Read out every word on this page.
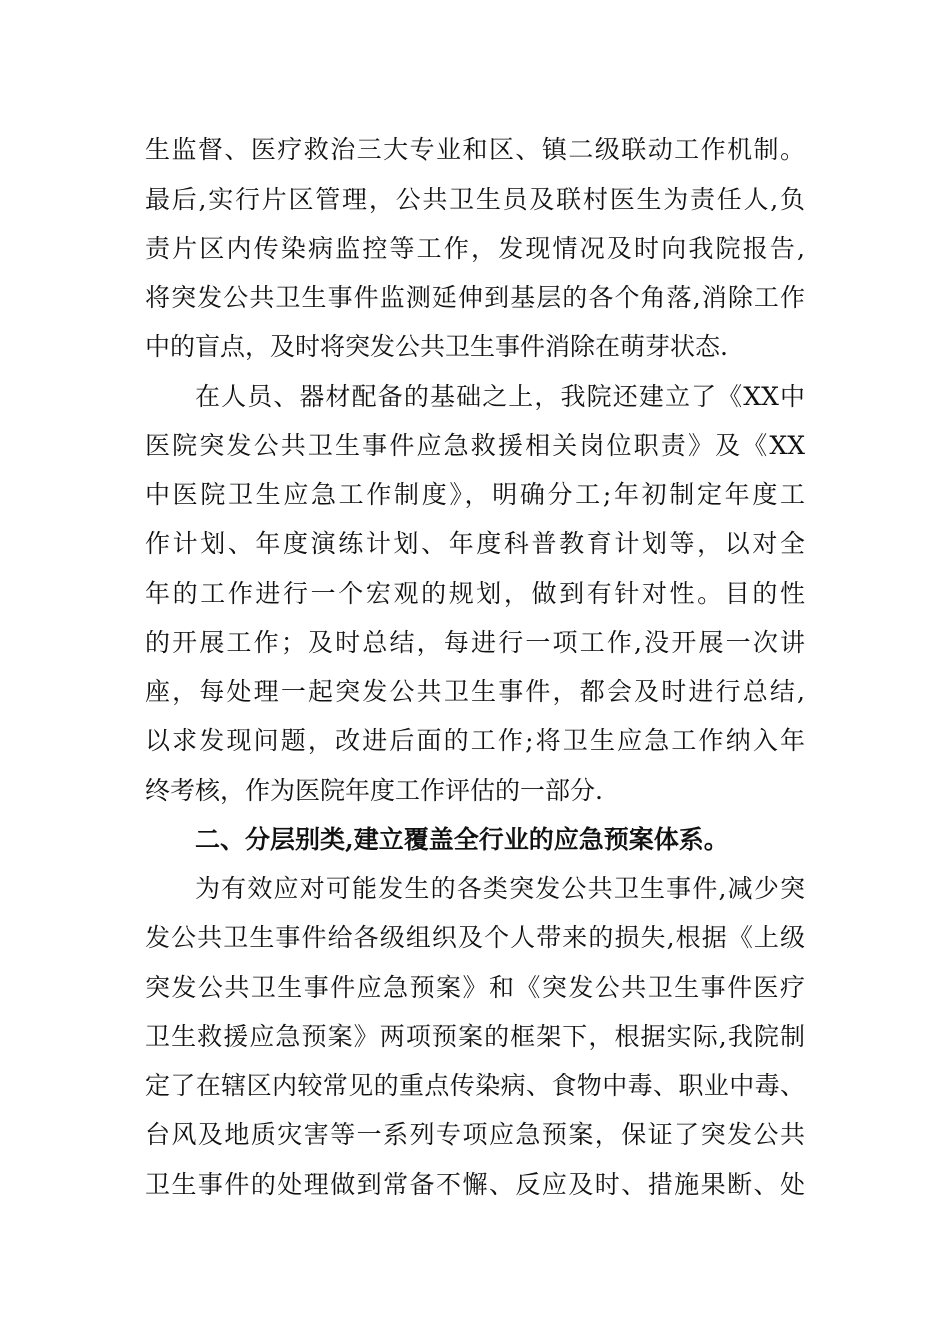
生监督、医疗救治三大专业和区、镇二级联动工作机制。
最后,实行片区管理，公共卫生员及联村医生为责任人,负
责片区内传染病监控等工作，发现情况及时向我院报告,
将突发公共卫生事件监测延伸到基层的各个角落,消除工作
中的盲点，及时将突发公共卫生事件消除在萌芽状态.
在人员、器材配备的基础之上，我院还建立了《XX中
医院突发公共卫生事件应急救援相关岗位职责》及《XX
中医院卫生应急工作制度》，明确分工;年初制定年度工
作计划、年度演练计划、年度科普教育计划等，以对全
年的工作进行一个宏观的规划，做到有针对性。目的性
的开展工作；及时总结，每进行一项工作,没开展一次讲
座，每处理一起突发公共卫生事件，都会及时进行总结,
以求发现问题，改进后面的工作;将卫生应急工作纳入年
终考核，作为医院年度工作评估的一部分.
二、分层别类,建立覆盖全行业的应急预案体系。
为有效应对可能发生的各类突发公共卫生事件,减少突
发公共卫生事件给各级组织及个人带来的损失,根据《上级
突发公共卫生事件应急预案》和《突发公共卫生事件医疗
卫生救援应急预案》两项预案的框架下，根据实际,我院制
定了在辖区内较常见的重点传染病、食物中毒、职业中毒、
台风及地质灾害等一系列专项应急预案，保证了突发公共
卫生事件的处理做到常备不懈、反应及时、措施果断、处
